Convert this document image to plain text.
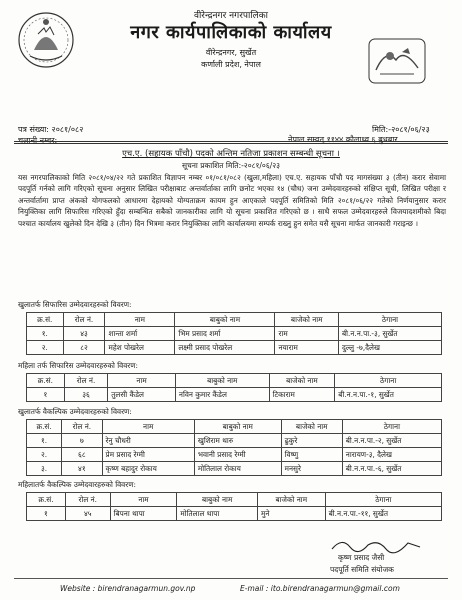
वीरेन्द्रनगर नगरपालिका
नगर कार्यपालिकाको कार्यालय
वीरेन्द्रनगर, सुर्खेत
कर्णाली प्रदेश, नेपाल
पत्र संख्या: २०८१/०८२
चलानी नम्बर:
मिति:-२०८१/०६/२३
नेपाल सम्वत् ११४४ कौलाथ्व ६ बुधबार
एच.ए. (सहायक पाँचौ) पदको अन्तिम नतिजा प्रकाशन सम्बन्धी सूचना ।
सूचना प्रकाशित मिति:-२०८१/०६/२३

यस नगरपालिकाको मिति २०८१/०४/२२ गते प्रकाशित विज्ञापन नम्बर ०१/०८१/०८२ (खुला,महिला) एच.ए. सहायक पाँचौ पद मागसंख्या ३ (तीन) करार सेवामा पदपूर्ति गर्नको लागि गरिएको सूचना अनुसार लिखित परीक्षाबाट अन्तर्वार्ताका लागि छनोट भएका १४ (चौध) जना उम्मेदवारहरुको संक्षिप्त सूची, लिखित परीक्षा र अन्तर्वार्तामा प्राप्त अंकको योगफलको आधारमा देहायको योग्यताक्रम कायम हुन आएकाले पदपूर्ति समितिको मिति २०८१/०६/२२ गतेको निर्णयानुसार करार नियुक्तिका लागि सिफारिस गरिएको हुँदा सम्बन्धित सबैको जानकारीका लागि यो सूचना प्रकाशित गरिएको छ । साथै सफल उम्मेदवारहरुले विजयादशमीको बिदा पश्चात कार्यालय खुलेको दिन देखि ३ (तीन) दिन भित्रमा करार नियुक्तिका लागि कार्यालयमा सम्पर्क राख्नु हुन समेत यसै सूचना मार्फत जानकारी गराइन्छ ।

खुलातर्फ सिफारिस उम्मेदवारहरुको विवरण:
क्र.सं.	रोल नं.	नाम	बाबुको नाम	बाजेको नाम	ठेगाना
१.	४३	शान्ता शर्मा	भिम प्रसाद शर्मा	राम	बी.न.न.पा.-३, सुर्खेत
२.	८२	महेश पोखरेल	लक्ष्मी प्रसाद पोखरेल	नयाराम	दुल्लु -७,दैलेख
महिला तर्फ सिफारिस उम्मेदवारहरुको विवरण:
क्र.सं.	रोल नं.	नाम	बाबुको नाम	बाजेको नाम	ठेगाना
१	३६	तुलसी कैंडेल	नविन कुमार कैंडेल	टिकाराम	बी.न.न.पा.-१, सुर्खेत
खुलातर्फ वैकल्पिक उम्मेदवारहरुको विवरण:
क्र.सं.	रोल नं.	नाम	बाबुको नाम	बाजेको नाम	ठेगाना
१.	७	रेनु चौधरी	खुशिराम थारु	ढुकुरे	बी.न.न.पा.-२, सुर्खेत
२.	६८	प्रेम प्रसाद रेग्मी	भवानी प्रसाद रेग्मी	विष्णु	नारायण-३, दैलेख
३.	४१	कृष्ण बहादुर रोकाय	मोतिलाल रोकाय	मनसुरे	बी.न.न.पा.-६, सुर्खेत
महिलातर्फ वैकल्पिक उम्मेदवारहरुको विवरण:
क्र.सं.	रोल नं.	नाम	बाबुको नाम	बाजेको नाम	ठेगाना
१	४५	बिपना थापा	मोतिलाल थापा	मुने	बी.न.न.पा.-११, सुर्खेत
कृष्ण प्रसाद जैसी
पदपूर्ति समिति संयोजक
Website : birendranagarmun.gov.np	E-mail : ito.birendranagarmun@gmail.com
